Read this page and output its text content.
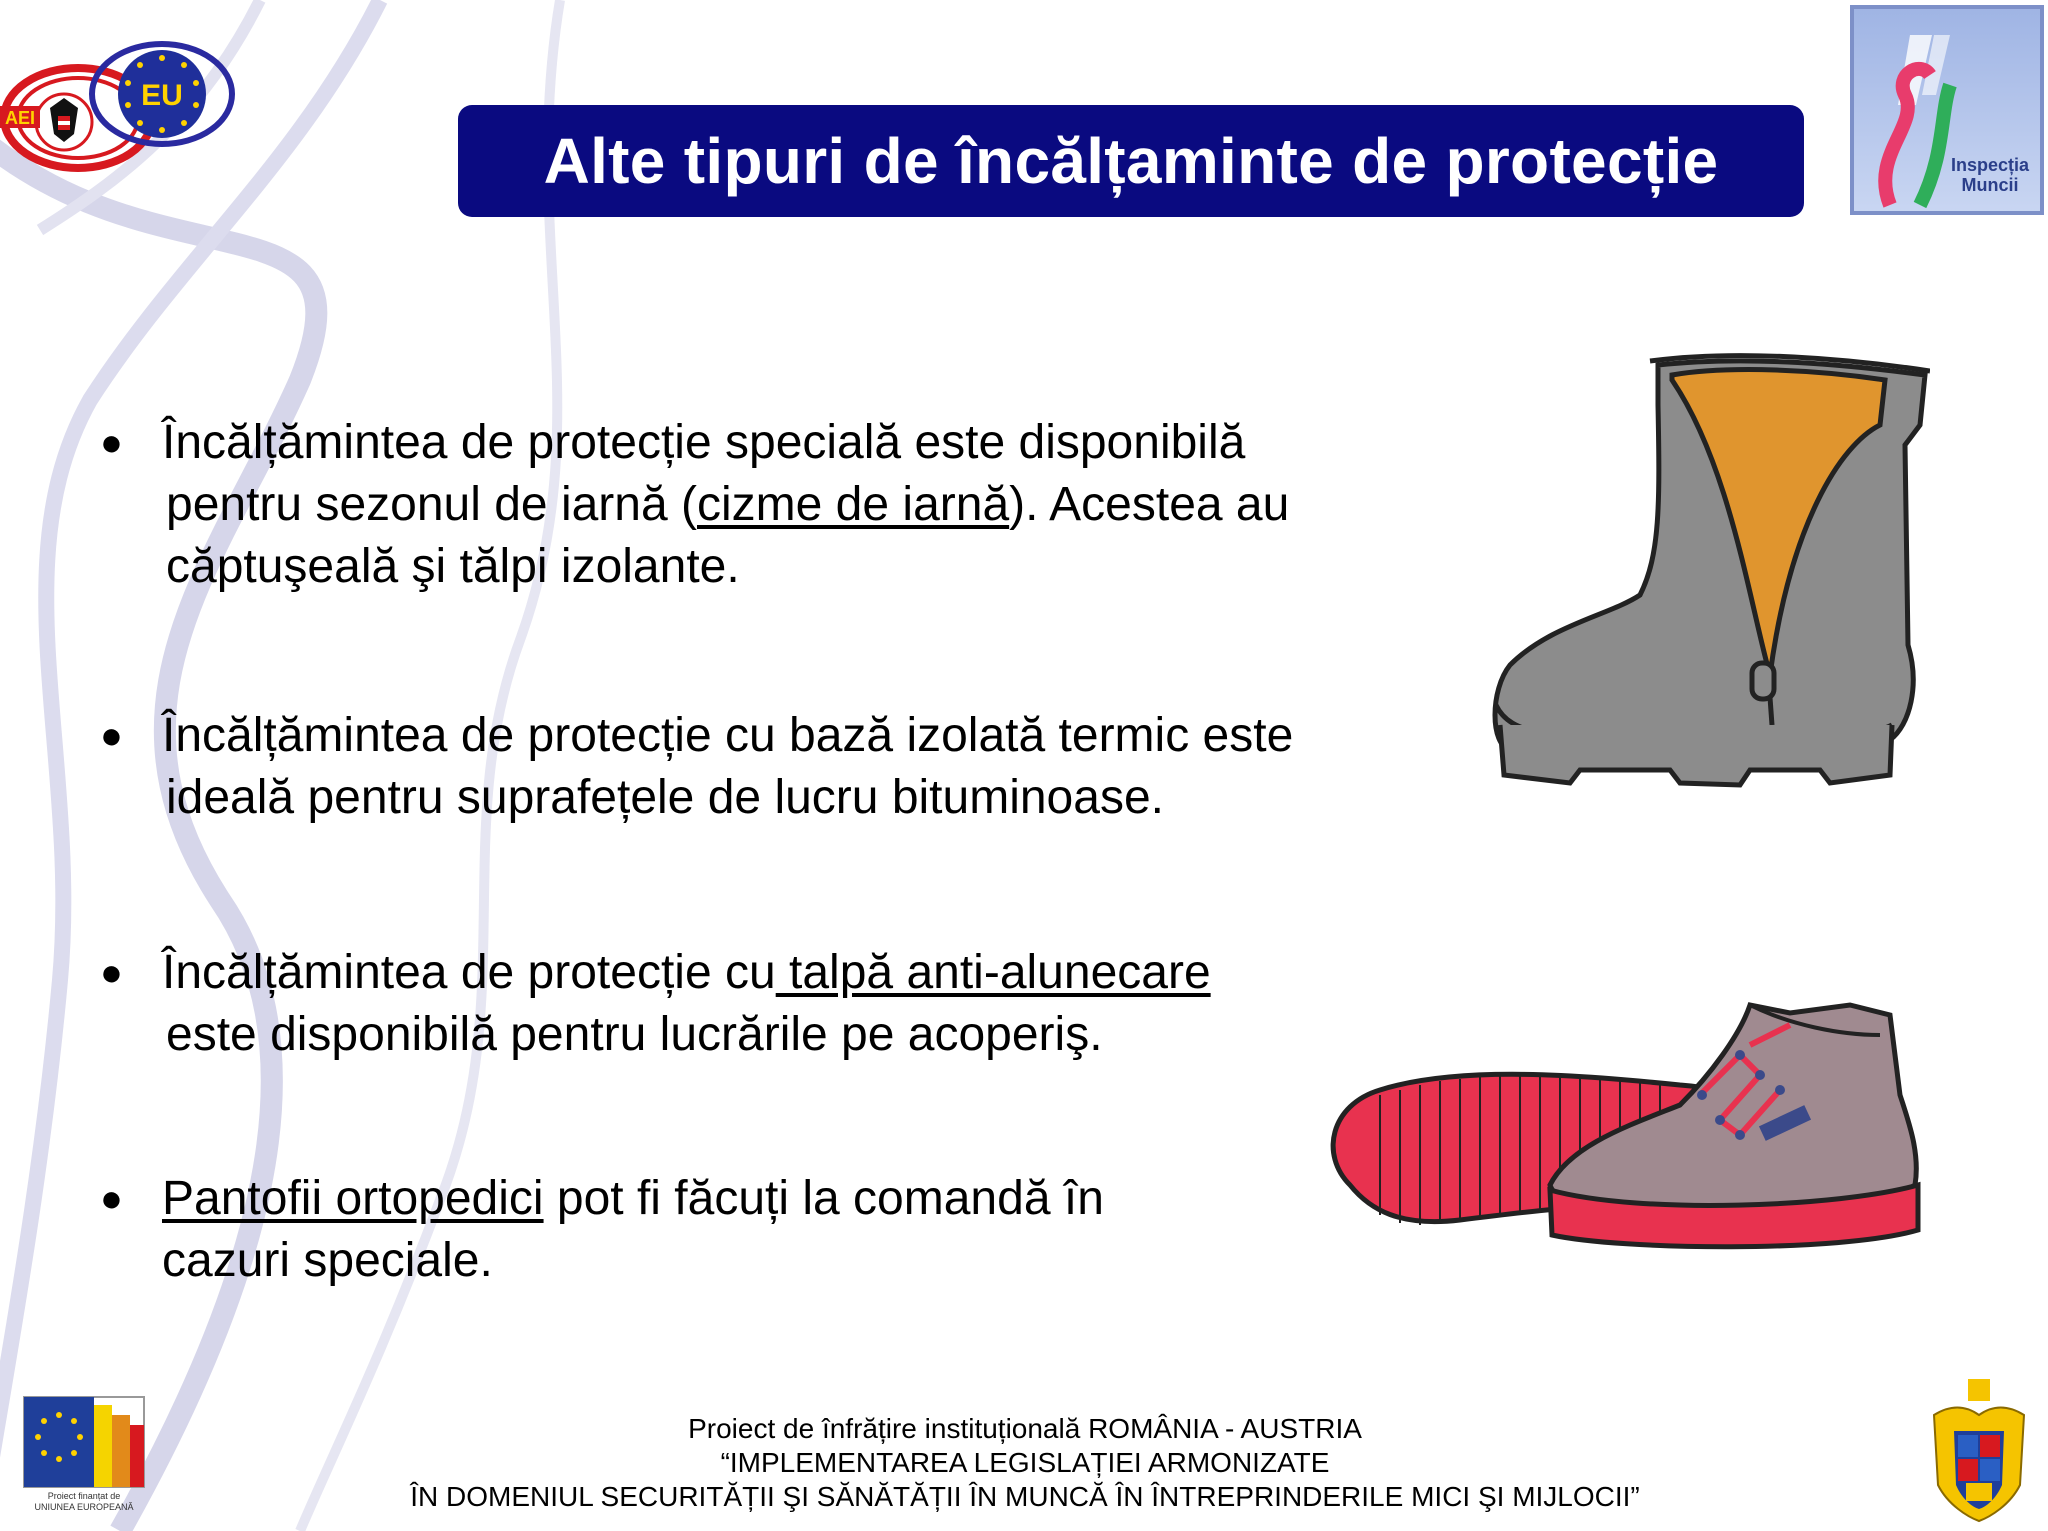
EU
AEI
Alte tipuri de încălțaminte de protecție	Inspecția
Muncii
● Încălțămintea de protecție specială este disponibilă
pentru sezonul de iarnă (cizme de iarnă). Acestea au
căptuşeală şi tălpi izolante.
● Încălțămintea de protecție cu bază izolată termic este
ideală pentru suprafețele de lucru bituminoase.
● Încălțămintea de protecție cu talpă anti-alunecare
este disponibilă pentru lucrările pe acoperiş.
● Pantofii ortopedici pot fi făcuți la comandă în
cazuri speciale.
Proiect finanțat de
UNIUNEA EUROPEANĂ
Proiect de înfrățire instituțională ROMÂNIA - AUSTRIA
“IMPLEMENTAREA LEGISLAȚIEI ARMONIZATE
ÎN DOMENIUL SECURITĂȚII ŞI SĂNĂTĂȚII ÎN MUNCĂ ÎN ÎNTREPRINDERILE MICI ŞI MIJLOCII”
